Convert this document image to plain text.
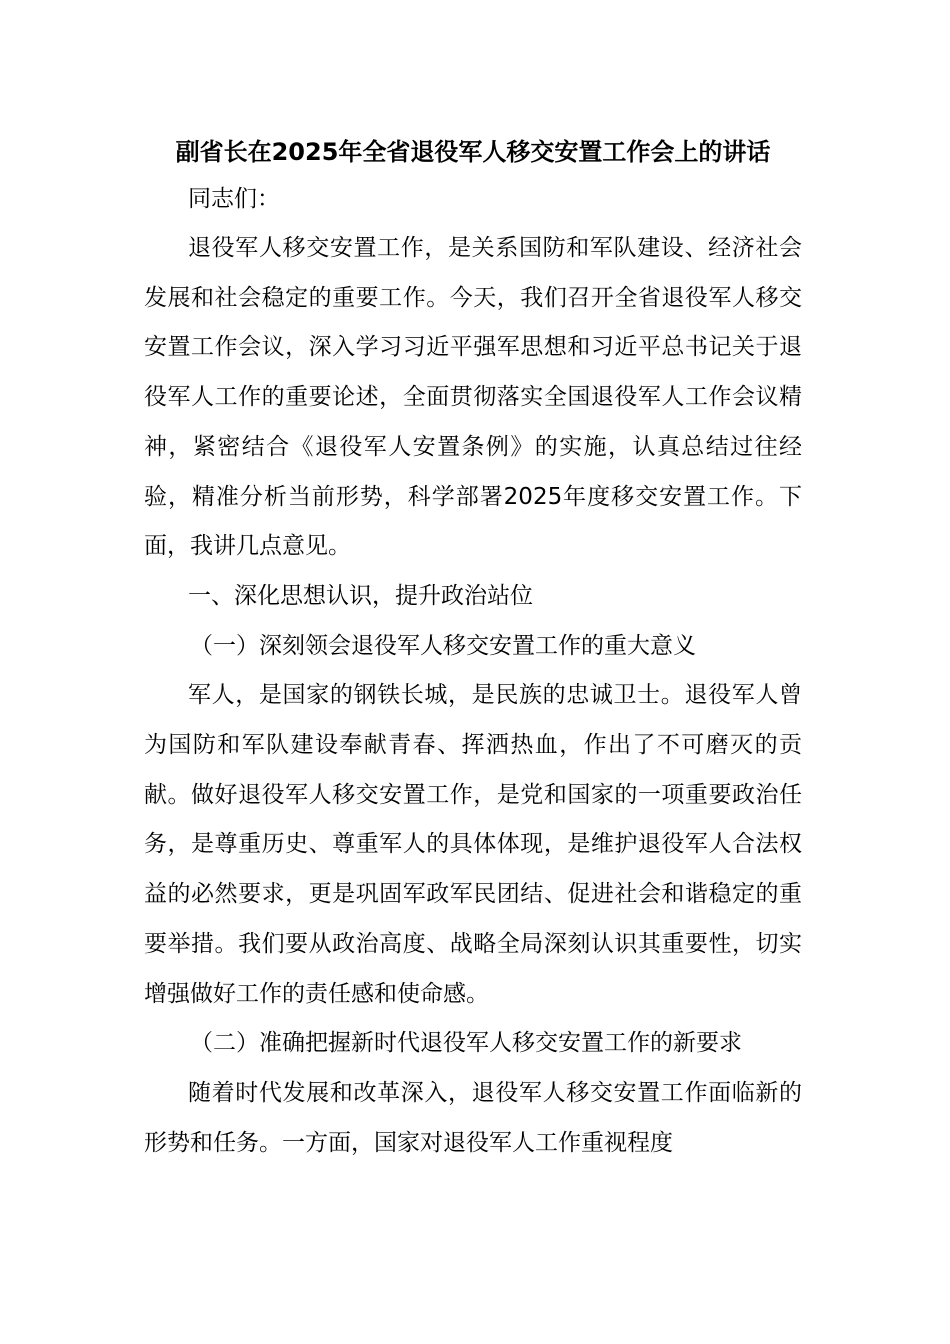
副省长在2025年全省退役军人移交安置工作会上的讲话

同志们：

退役军人移交安置工作，是关系国防和军队建设、经济社会发展和社会稳定的重要工作。今天，我们召开全省退役军人移交安置工作会议，深入学习习近平强军思想和习近平总书记关于退役军人工作的重要论述，全面贯彻落实全国退役军人工作会议精神，紧密结合《退役军人安置条例》的实施，认真总结过往经验，精准分析当前形势，科学部署2025年度移交安置工作。下面，我讲几点意见。

一、深化思想认识，提升政治站位

（一）深刻领会退役军人移交安置工作的重大意义

军人，是国家的钢铁长城，是民族的忠诚卫士。退役军人曾为国防和军队建设奉献青春、挥洒热血，作出了不可磨灭的贡献。做好退役军人移交安置工作，是党和国家的一项重要政治任务，是尊重历史、尊重军人的具体体现，是维护退役军人合法权益的必然要求，更是巩固军政军民团结、促进社会和谐稳定的重要举措。我们要从政治高度、战略全局深刻认识其重要性，切实增强做好工作的责任感和使命感。

（二）准确把握新时代退役军人移交安置工作的新要求

随着时代发展和改革深入，退役军人移交安置工作面临新的形势和任务。一方面，国家对退役军人工作重视程度
